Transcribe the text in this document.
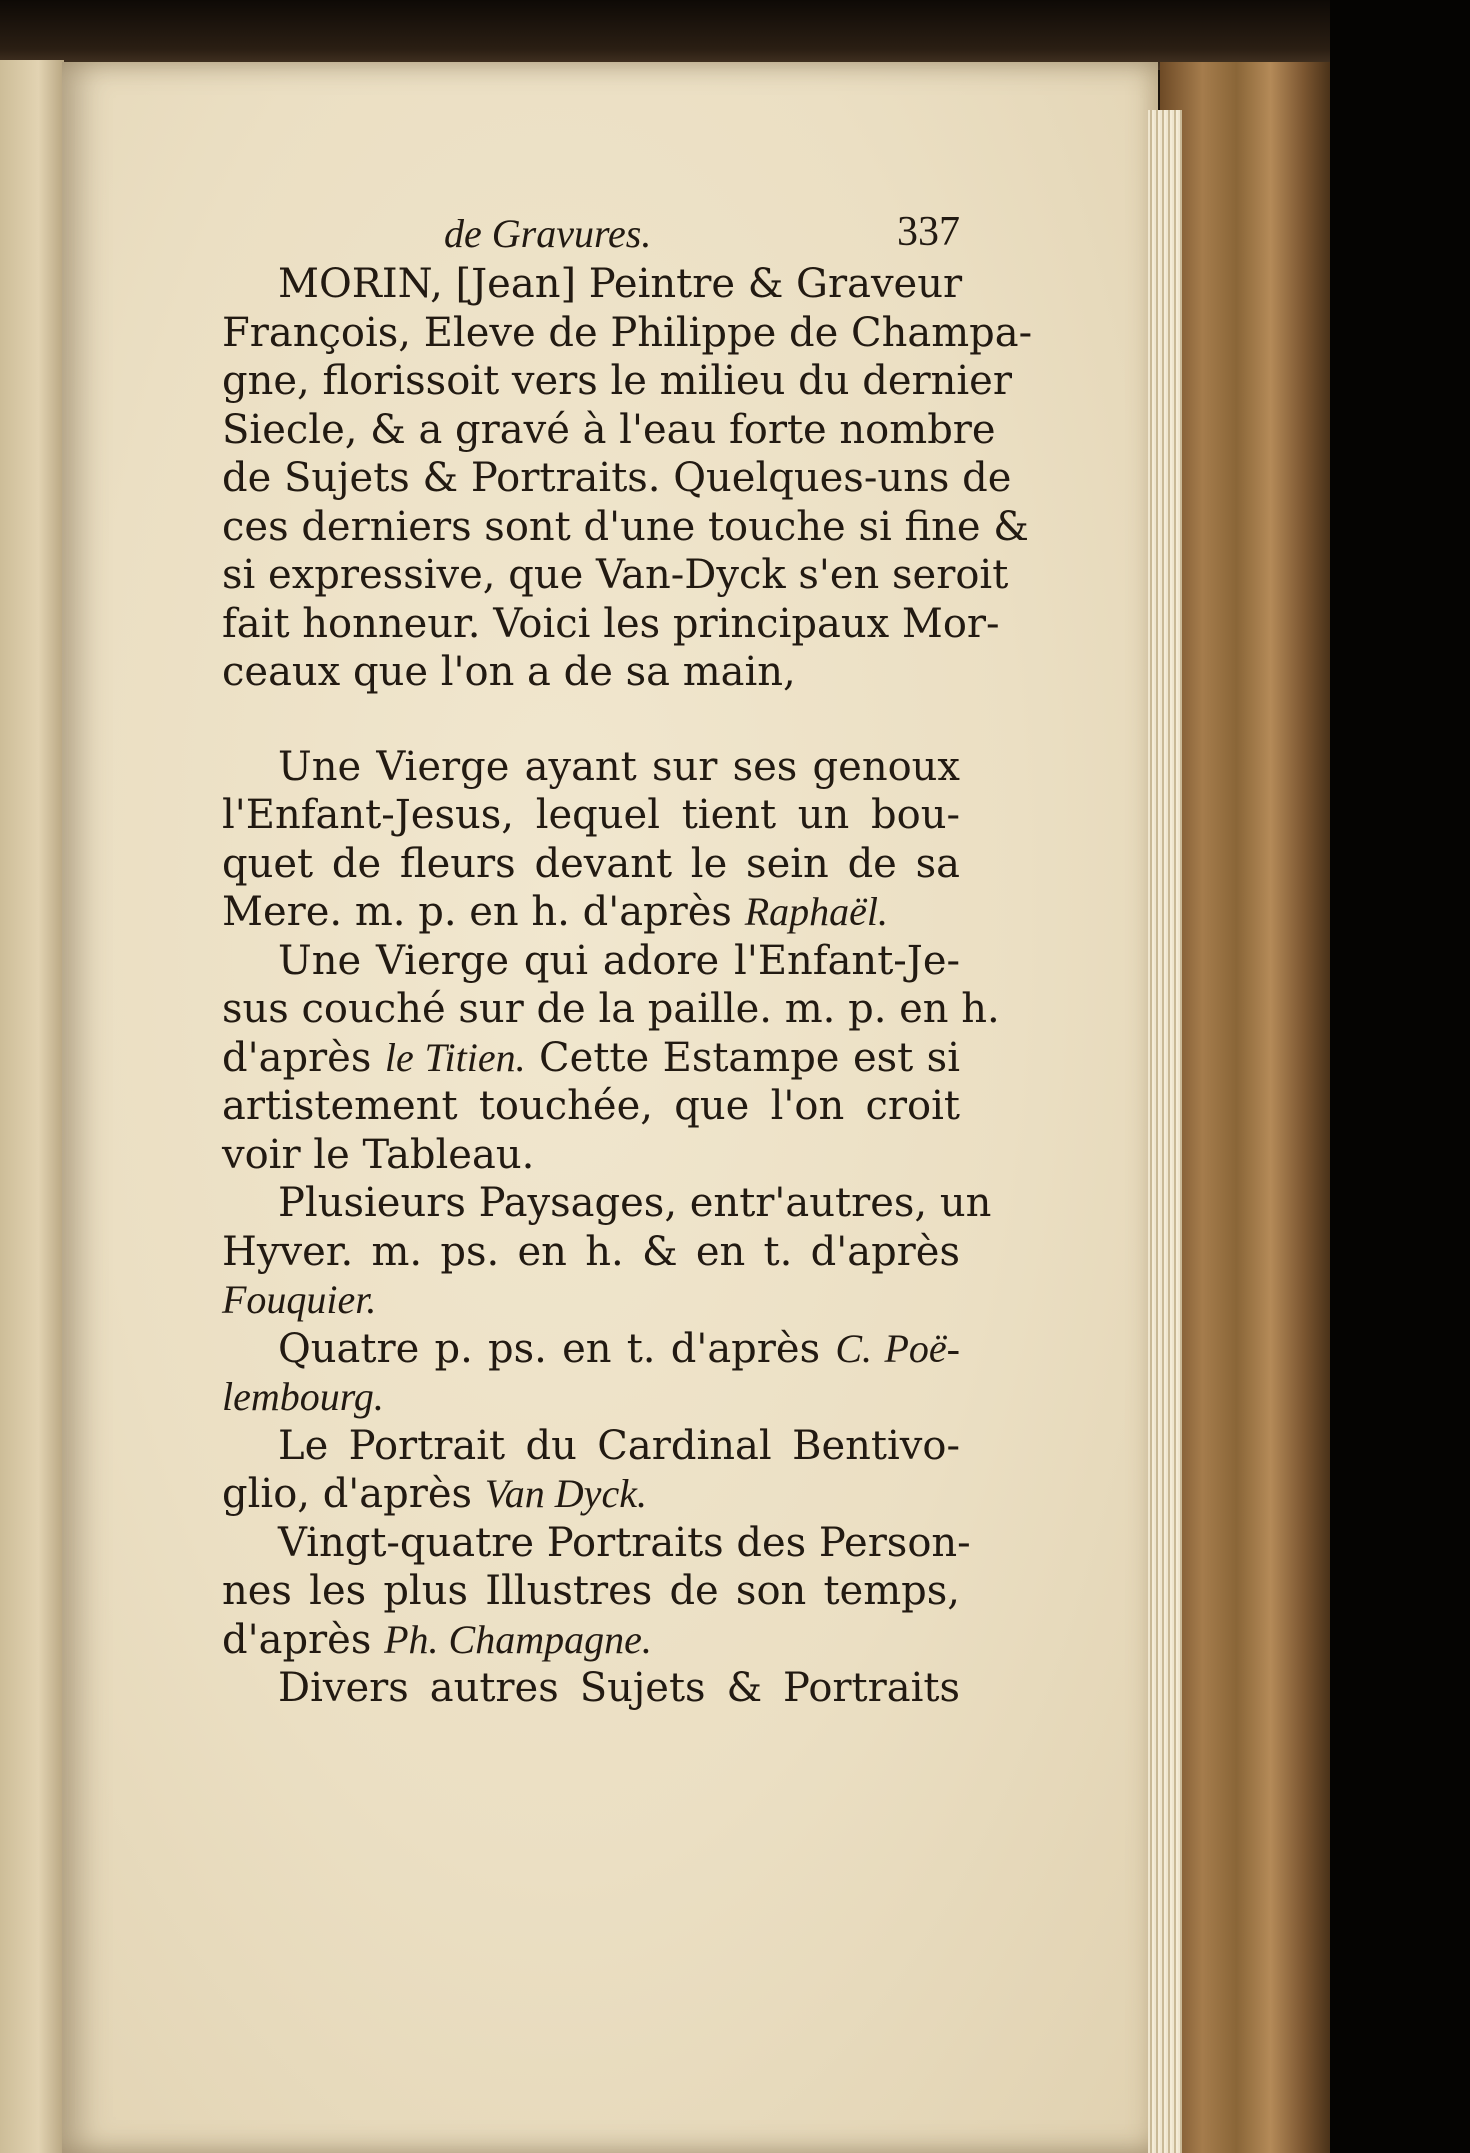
de Gravures.	337
MORIN, [Jean] Peintre & Graveur
François, Eleve de Philippe de Champa-
gne, florissoit vers le milieu du dernier
Siecle, & a gravé à l'eau forte nombre
de Sujets & Portraits. Quelques-uns de
ces derniers sont d'une touche si fine &
si expressive, que Van-Dyck s'en seroit
fait honneur. Voici les principaux Mor-
ceaux que l'on a de sa main,
Une Vierge ayant sur ses genoux
l'Enfant-Jesus, lequel tient un bou-
quet de fleurs devant le sein de sa
Mere. m. p. en h. d'après Raphaël.
Une Vierge qui adore l'Enfant-Je-
sus couché sur de la paille. m. p. en h.
d'après le Titien. Cette Estampe est si
artistement touchée, que l'on croit
voir le Tableau.
Plusieurs Paysages, entr'autres, un
Hyver. m. ps. en h. & en t. d'après
Fouquier.
Quatre p. ps. en t. d'après C. Poë-
lembourg.
Le Portrait du Cardinal Bentivo-
glio, d'après Van Dyck.
Vingt-quatre Portraits des Person-
nes les plus Illustres de son temps,
d'après Ph. Champagne.
Divers autres Sujets & Portraits
